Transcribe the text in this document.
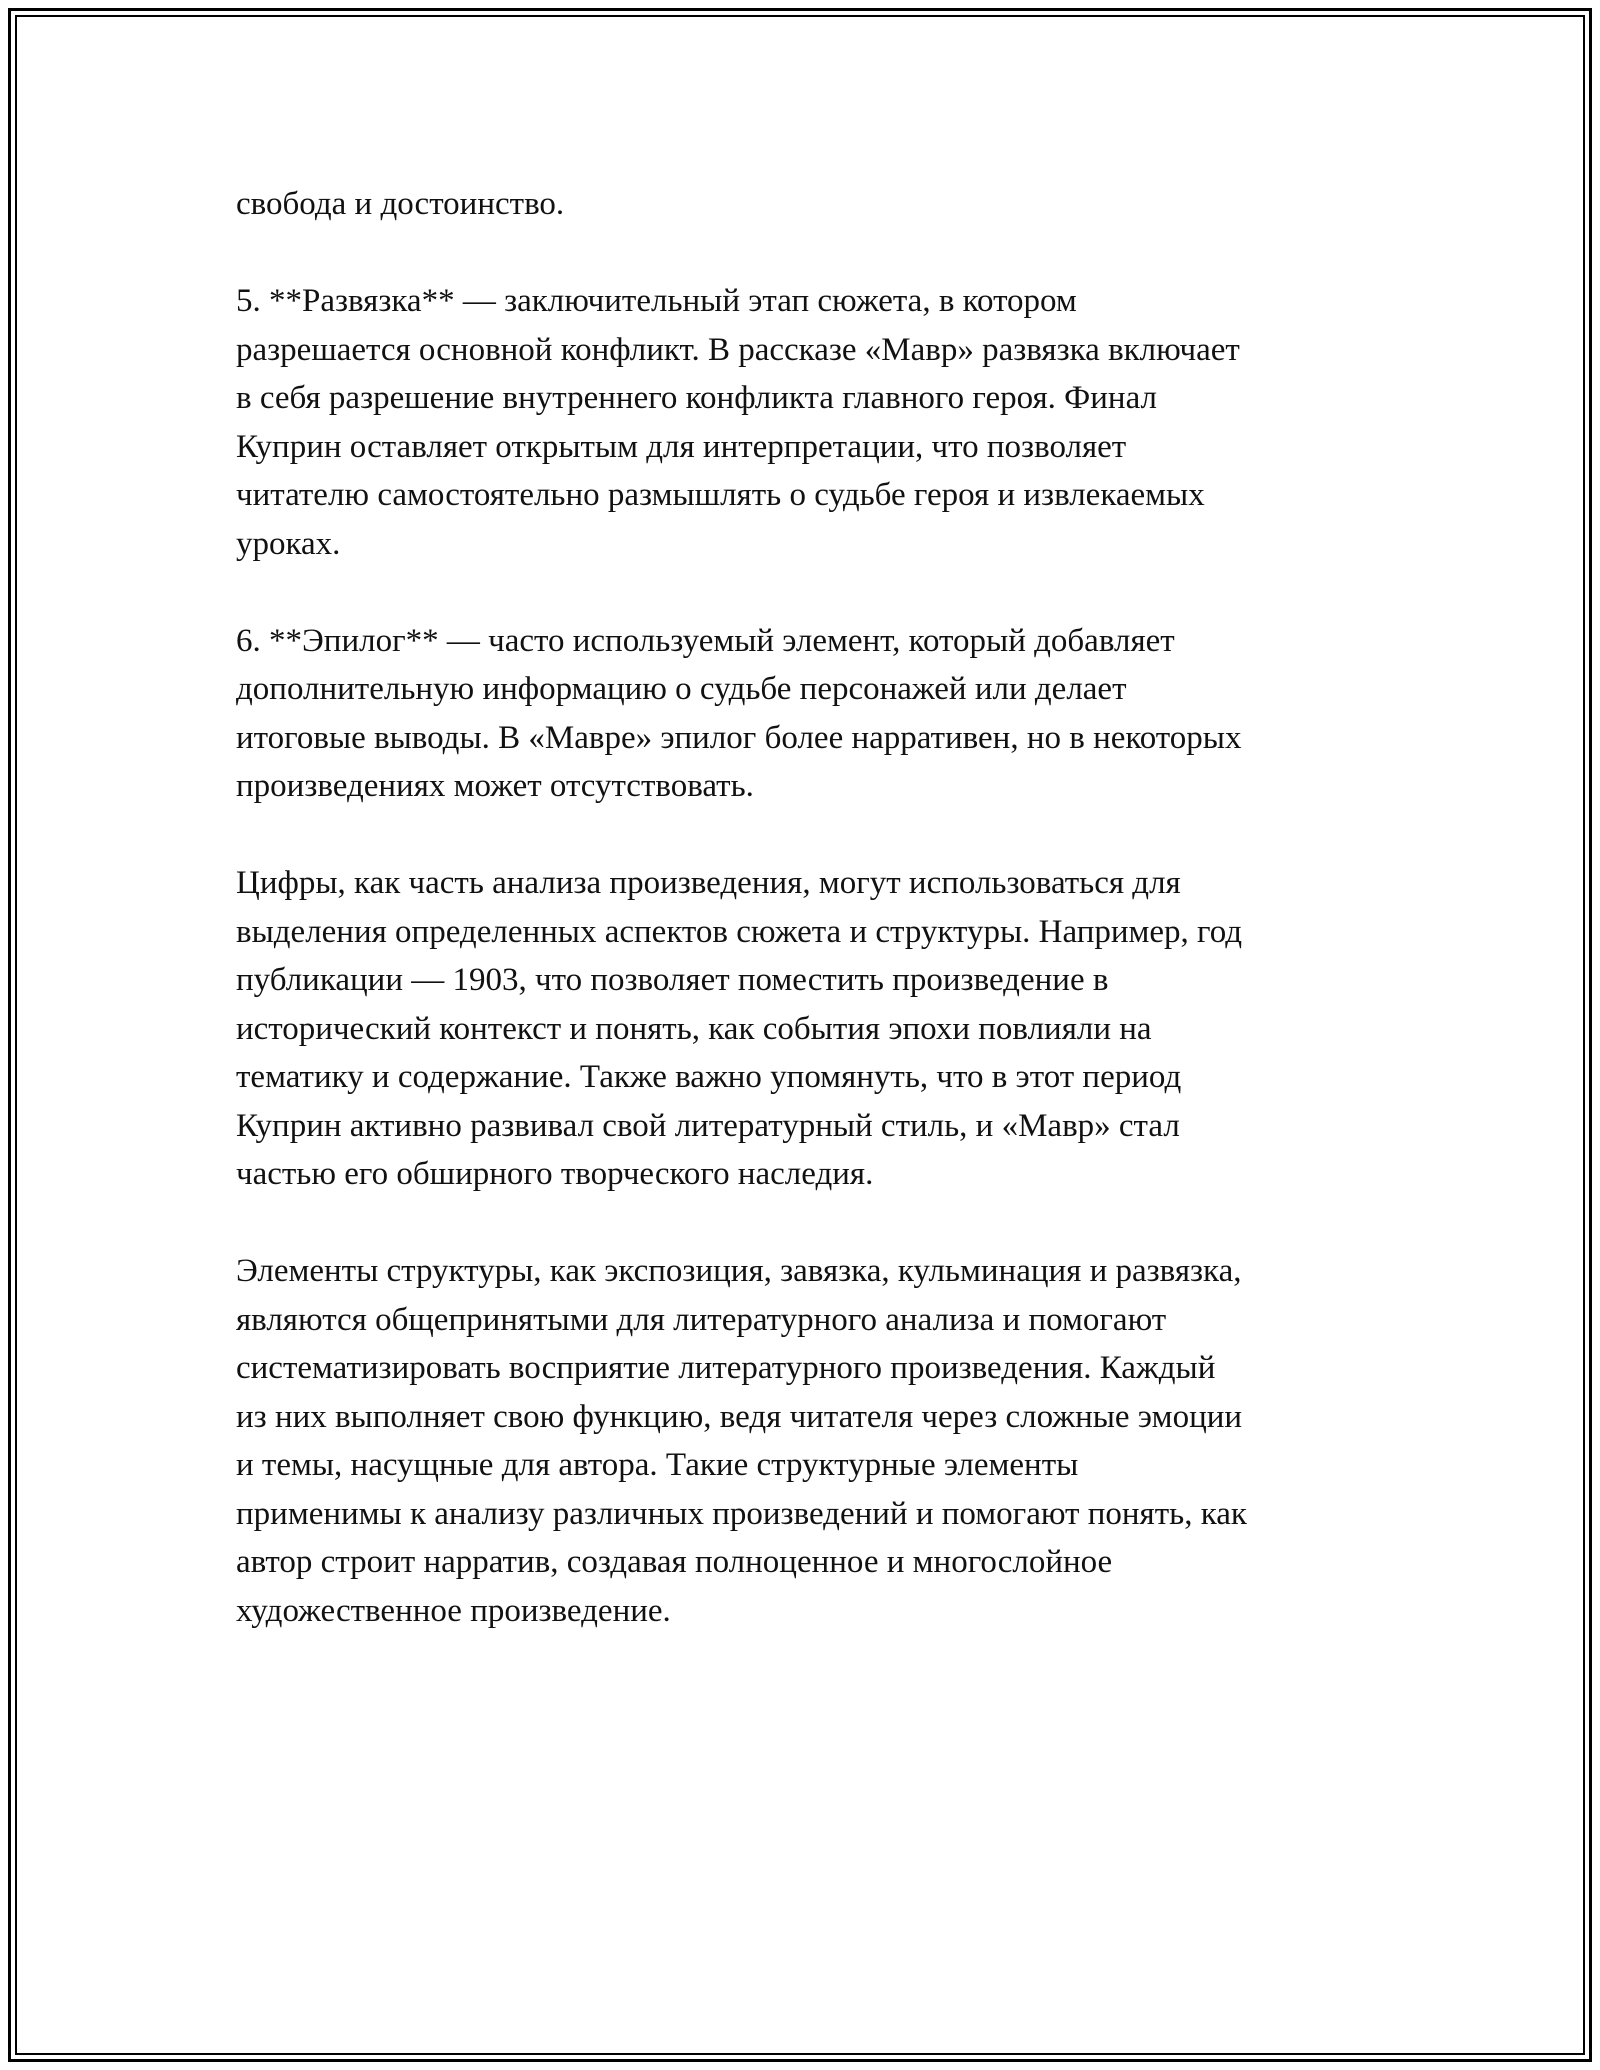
свобода и достоинство.

5. **Развязка** — заключительный этап сюжета, в котором
разрешается основной конфликт. В рассказе «Мавр» развязка включает
в себя разрешение внутреннего конфликта главного героя. Финал
Куприн оставляет открытым для интерпретации, что позволяет
читателю самостоятельно размышлять о судьбе героя и извлекаемых
уроках.

6. **Эпилог** — часто используемый элемент, который добавляет
дополнительную информацию о судьбе персонажей или делает
итоговые выводы. В «Мавре» эпилог более нарративен, но в некоторых
произведениях может отсутствовать.

Цифры, как часть анализа произведения, могут использоваться для
выделения определенных аспектов сюжета и структуры. Например, год
публикации — 1903, что позволяет поместить произведение в
исторический контекст и понять, как события эпохи повлияли на
тематику и содержание. Также важно упомянуть, что в этот период
Куприн активно развивал свой литературный стиль, и «Мавр» стал
частью его обширного творческого наследия.

Элементы структуры, как экспозиция, завязка, кульминация и развязка,
являются общепринятыми для литературного анализа и помогают
систематизировать восприятие литературного произведения. Каждый
из них выполняет свою функцию, ведя читателя через сложные эмоции
и темы, насущные для автора. Такие структурные элементы
применимы к анализу различных произведений и помогают понять, как
автор строит нарратив, создавая полноценное и многослойное
художественное произведение.
